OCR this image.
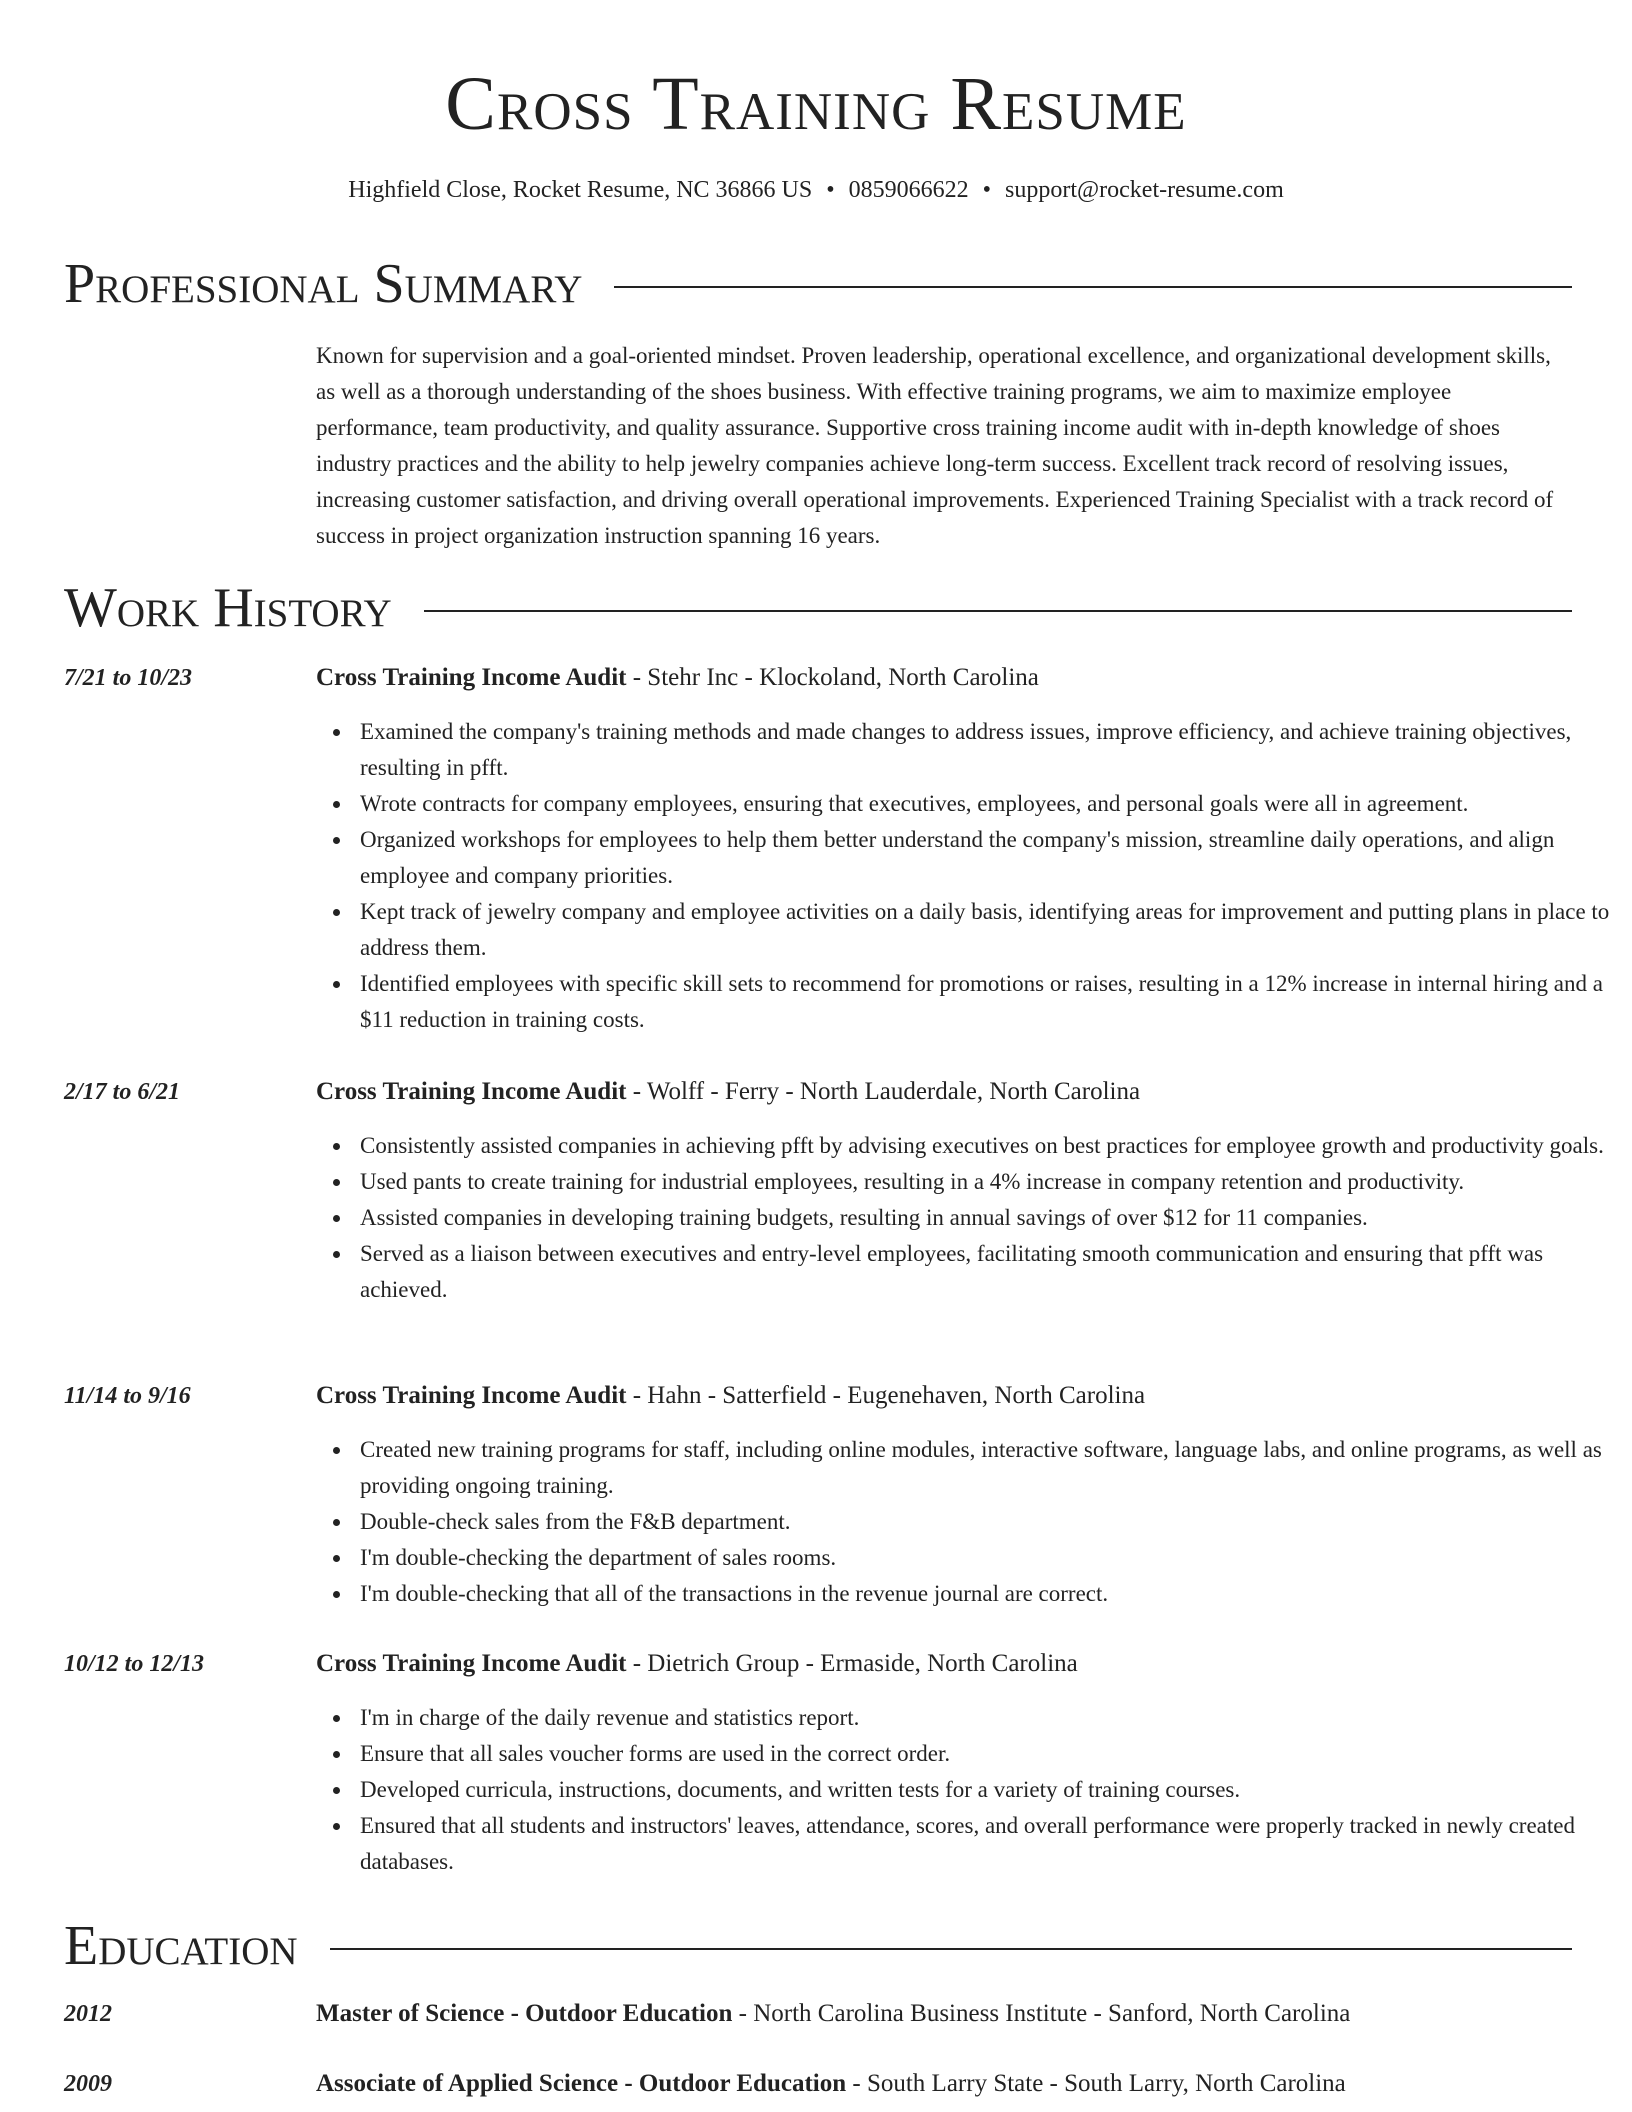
Cross Training Resume
Highfield Close, Rocket Resume, NC 36866 US • 0859066622 • support@rocket-resume.com
Professional Summary

Known for supervision and a goal-oriented mindset. Proven leadership, operational excellence, and organizational development skills, as well as a thorough understanding of the shoes business. With effective training programs, we aim to maximize employee performance, team productivity, and quality assurance. Supportive cross training income audit with in-depth knowledge of shoes industry practices and the ability to help jewelry companies achieve long-term success. Excellent track record of resolving issues, increasing customer satisfaction, and driving overall operational improvements. Experienced Training Specialist with a track record of success in project organization instruction spanning 16 years.

Work History
7/21 to 10/23	Cross Training Income Audit - Stehr Inc - Klockoland, North Carolina
Examined the company's training methods and made changes to address issues, improve efficiency, and achieve training objectives, resulting in pfft.
Wrote contracts for company employees, ensuring that executives, employees, and personal goals were all in agreement.
Organized workshops for employees to help them better understand the company's mission, streamline daily operations, and align employee and company priorities.
Kept track of jewelry company and employee activities on a daily basis, identifying areas for improvement and putting plans in place to address them.
Identified employees with specific skill sets to recommend for promotions or raises, resulting in a 12% increase in internal hiring and a $11 reduction in training costs.
2/17 to 6/21	Cross Training Income Audit - Wolff - Ferry - North Lauderdale, North Carolina
Consistently assisted companies in achieving pfft by advising executives on best practices for employee growth and productivity goals.
Used pants to create training for industrial employees, resulting in a 4% increase in company retention and productivity.
Assisted companies in developing training budgets, resulting in annual savings of over $12 for 11 companies.
Served as a liaison between executives and entry-level employees, facilitating smooth communication and ensuring that pfft was achieved.
11/14 to 9/16	Cross Training Income Audit - Hahn - Satterfield - Eugenehaven, North Carolina
Created new training programs for staff, including online modules, interactive software, language labs, and online programs, as well as providing ongoing training.
Double-check sales from the F&B department.
I'm double-checking the department of sales rooms.
I'm double-checking that all of the transactions in the revenue journal are correct.
10/12 to 12/13	Cross Training Income Audit - Dietrich Group - Ermaside, North Carolina
I'm in charge of the daily revenue and statistics report.
Ensure that all sales voucher forms are used in the correct order.
Developed curricula, instructions, documents, and written tests for a variety of training courses.
Ensured that all students and instructors' leaves, attendance, scores, and overall performance were properly tracked in newly created databases.
Education
2012	Master of Science - Outdoor Education - North Carolina Business Institute - Sanford, North Carolina
2009	Associate of Applied Science - Outdoor Education - South Larry State - South Larry, North Carolina
